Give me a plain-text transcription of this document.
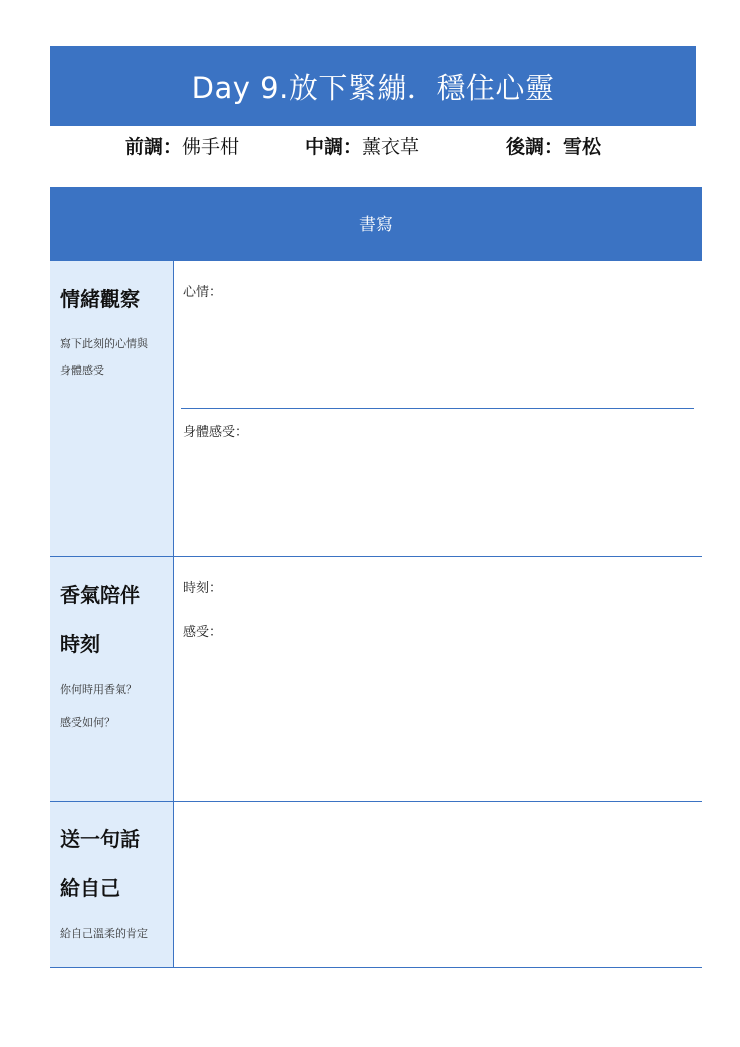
Day 9.放下緊繃．穩住心靈
前調：佛手柑	中調：薰衣草	後調：雪松
書寫
情緒觀察
寫下此刻的心情與
身體感受
心情：
身體感受：
香氣陪伴
時刻
你何時用香氣？
感受如何？
時刻：
感受：
送一句話
給自己
給自己溫柔的肯定
